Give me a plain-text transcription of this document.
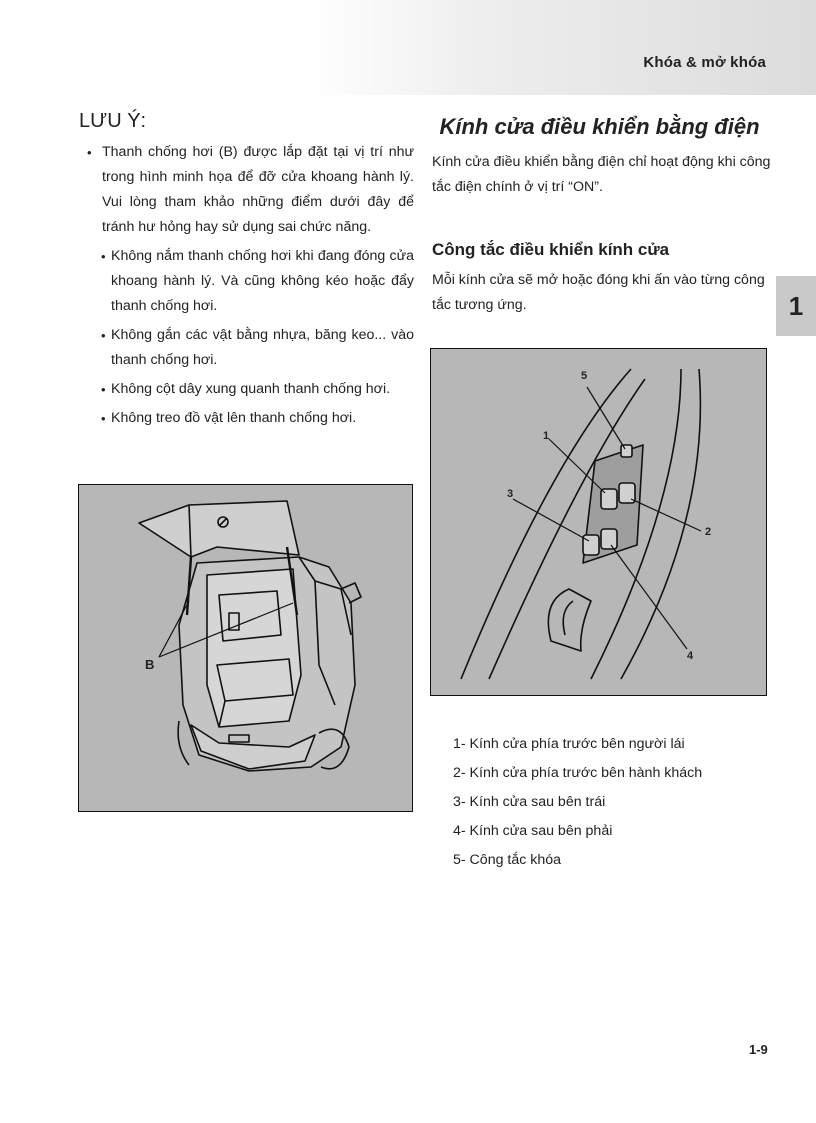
Khóa & mở khóa
1
LƯU Ý:
• Thanh chống hơi (B) được lắp đặt tại vị trí như trong hình minh họa để đỡ cửa khoang hành lý. Vui lòng tham khảo những điểm dưới đây để tránh hư hỏng hay sử dụng sai chức năng.
• Không nắm thanh chống hơi khi đang đóng cửa khoang hành lý. Và cũng không kéo hoặc đẩy thanh chống hơi.
• Không gắn các vật bằng nhựa, băng keo... vào thanh chống hơi.
• Không cột dây xung quanh thanh chống hơi.
• Không treo đồ vật lên thanh chống hơi.
B
Kính cửa điều khiển bằng điện
Kính cửa điều khiển bằng điện chỉ hoạt động khi công tắc điện chính ở vị trí “ON”.
Công tắc điều khiển kính cửa
Mỗi kính cửa sẽ mở hoặc đóng khi ấn vào từng công tắc tương ứng.
5
1
2
3
4
1- Kính cửa phía trước bên người lái
2- Kính cửa phía trước bên hành khách
3- Kính cửa sau bên trái
4- Kính cửa sau bên phải
5- Công tắc khóa
1-9
